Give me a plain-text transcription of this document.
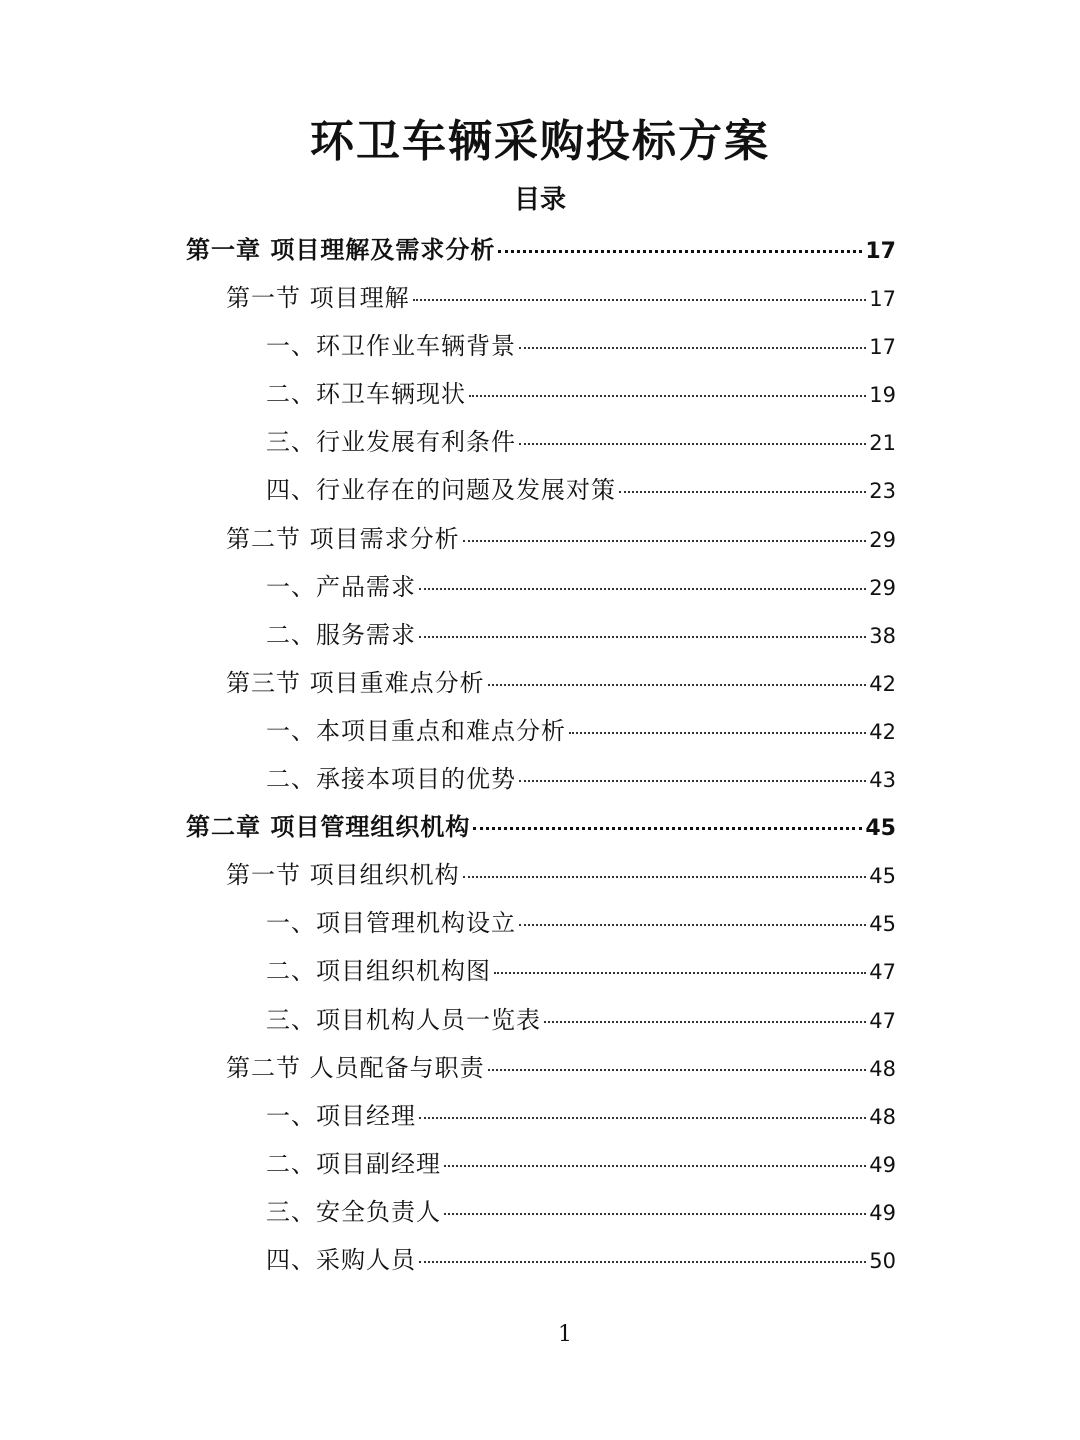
环卫车辆采购投标方案
目录
第一章 项目理解及需求分析	17
第一节 项目理解	17
一、环卫作业车辆背景	17
二、环卫车辆现状	19
三、行业发展有利条件	21
四、行业存在的问题及发展对策	23
第二节 项目需求分析	29
一、产品需求	29
二、服务需求	38
第三节 项目重难点分析	42
一、本项目重点和难点分析	42
二、承接本项目的优势	43
第二章 项目管理组织机构	45
第一节 项目组织机构	45
一、项目管理机构设立	45
二、项目组织机构图	47
三、项目机构人员一览表	47
第二节 人员配备与职责	48
一、项目经理	48
二、项目副经理	49
三、安全负责人	49
四、采购人员	50
1
